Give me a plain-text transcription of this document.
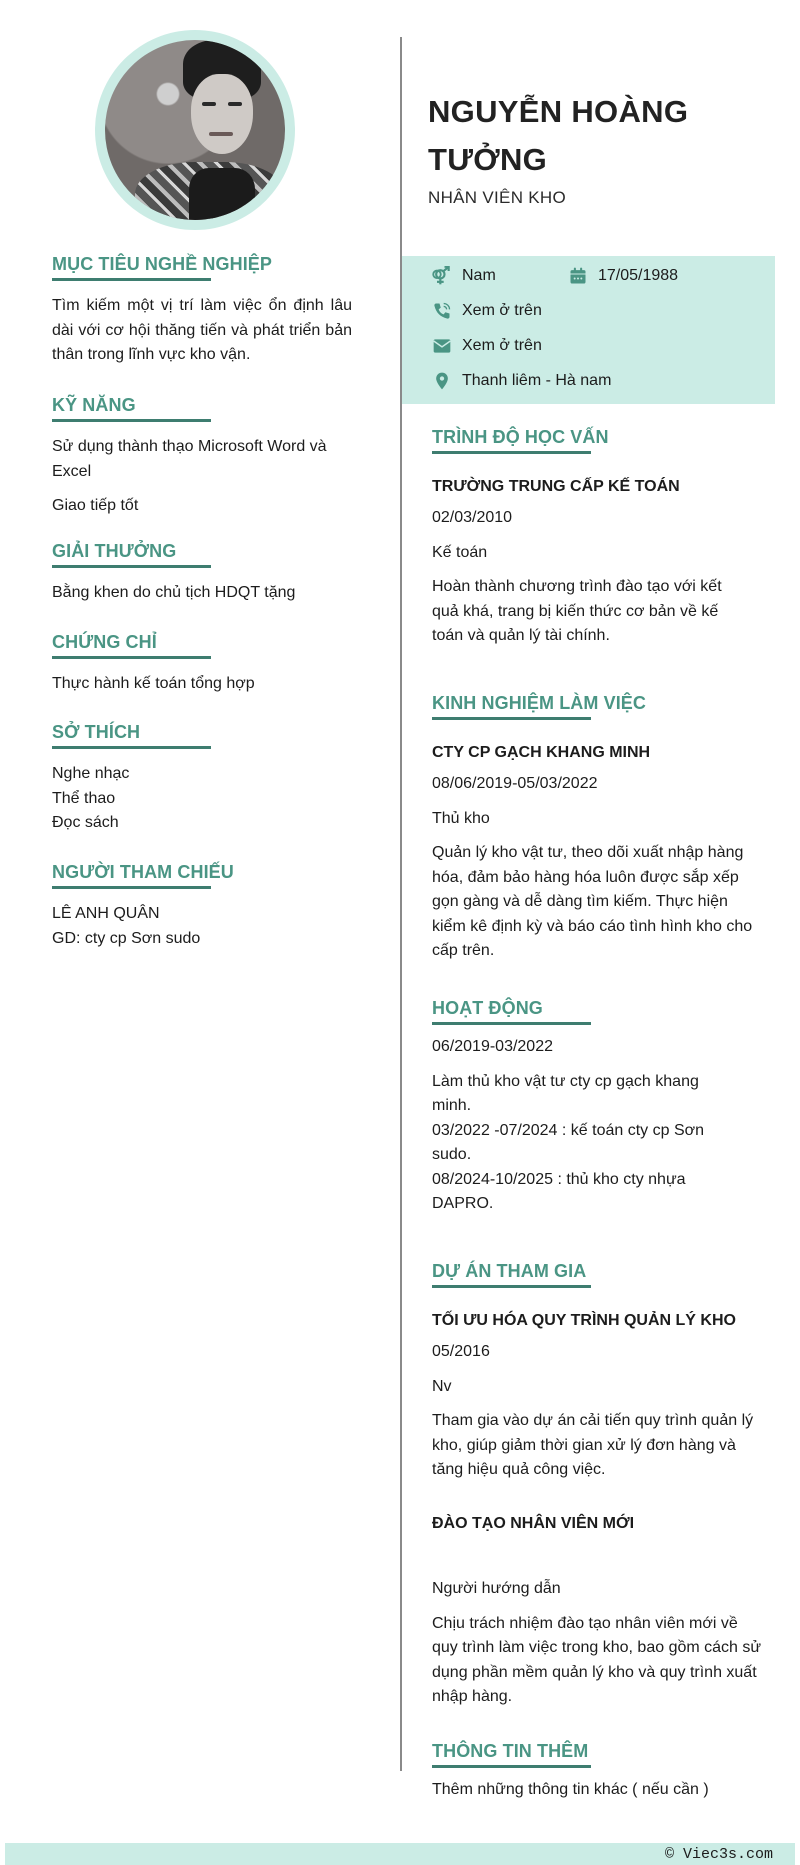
MỤC TIÊU NGHỀ NGHIỆP
Tìm kiếm một vị trí làm việc ổn định lâu dài với cơ hội thăng tiến và phát triển bản thân trong lĩnh vực kho vận.
KỸ NĂNG
Sử dụng thành thạo Microsoft Word và Excel
Giao tiếp tốt
GIẢI THƯỞNG
Bằng khen do chủ tịch HDQT tặng
CHỨNG CHỈ
Thực hành kế toán tổng hợp
SỞ THÍCH
Nghe nhạc
Thể thao
Đọc sách
NGƯỜI THAM CHIẾU
LÊ ANH QUÂN
GD: cty cp Sơn sudo
NGUYỄN HOÀNG TƯỞNG
NHÂN VIÊN KHO
Nam	17/05/1988
Xem ở trên
Xem ở trên
Thanh liêm - Hà nam
TRÌNH ĐỘ HỌC VẤN
TRƯỜNG TRUNG CẤP KẾ TOÁN
02/03/2010
Kế toán
Hoàn thành chương trình đào tạo với kết quả khá, trang bị kiến thức cơ bản về kế toán và quản lý tài chính.
KINH NGHIỆM LÀM VIỆC
CTY CP GẠCH KHANG MINH
08/06/2019-05/03/2022
Thủ kho
Quản lý kho vật tư, theo dõi xuất nhập hàng hóa, đảm bảo hàng hóa luôn được sắp xếp gọn gàng và dễ dàng tìm kiếm. Thực hiện kiểm kê định kỳ và báo cáo tình hình kho cho cấp trên.
HOẠT ĐỘNG
06/2019-03/2022
Làm thủ kho vật tư cty cp gạch khang minh.
03/2022 -07/2024 : kế toán cty cp Sơn sudo.
08/2024-10/2025 : thủ kho cty nhựa DAPRO.
DỰ ÁN THAM GIA
TỐI ƯU HÓA QUY TRÌNH QUẢN LÝ KHO
05/2016
Nv
Tham gia vào dự án cải tiến quy trình quản lý kho, giúp giảm thời gian xử lý đơn hàng và tăng hiệu quả công việc.
ĐÀO TẠO NHÂN VIÊN MỚI
Người hướng dẫn
Chịu trách nhiệm đào tạo nhân viên mới về quy trình làm việc trong kho, bao gồm cách sử dụng phần mềm quản lý kho và quy trình xuất nhập hàng.
THÔNG TIN THÊM
Thêm những thông tin khác ( nếu cần )
© Viec3s.com
